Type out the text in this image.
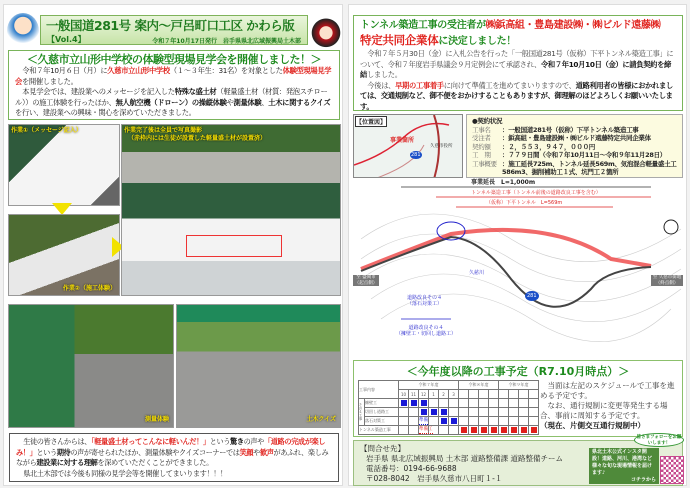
一般国道281号 案内～戸呂町口工区 かわら版
【Vol.4】	令和７年10月17日発行　岩手県県北広域振興局土木部
＜久慈市立山形中学校の体験型現場見学会を開催しました！＞

令和７年10月６日（月）に久慈市立山形中学校（１～３年生：31名）を対象とした体験型現場見学会を開催しました。

本見学会では、建設業へのメッセージを記入した特殊な盛土材（軽量盛土材（材質：発泡スチロール））の施工体験を行ったほか、無人航空機（ドローン）の操縦体験や測量体験、土木に関するクイズを行い、建設業への興味・関心を深めていただきました。

作業①（メッセージ記入）
作業②（施工体験）
作業完了後は全員で写真撮影
（赤枠内には生徒が設置した軽量盛土材が設置済）
測量体験	土木クイズ

生徒の皆さんからは、「軽量盛土材ってこんなに軽いんだ！」という驚きの声や「道路の完成が楽しみ！」という期待の声が寄せられたほか、測量体験やクイズコーナーでは笑顔や歓声があふれ、楽しみながら建設業に対する理解を深めていただくことができました。

県北土木部では今後も同様の見学会等を開催してまいります！！！

トンネル築造工事の受注者が㈱鋲高組・豊島建設㈱・㈱ビルド遠藤㈱
特定共同企業体に決定しました！

令和７年５月30日（金）に入札公告を行った「一般国道281号（仮称）下平トンネル築造工事」について、令和７年度岩手県議会９月定例会にて承認され、令和７年10月10日（金）に請負契約を締結しました。

今後は、早期の工事着手に向けて準備工を進めてまいりますので、道路利用者の皆様におかれましては、交通規制など、御不便をおかけすることもありますが、御理解のほどよろしくお願いいたします。

【位置図】
事業箇所
281
久慈市役所
●契約状況
工事名	：一般国道281号（仮称）下平トンネル築造工事
受注者	：鋲高組・豊島建設㈱・㈱ビルド遠藤特定共同企業体
契約額	：２，５５３，９４７，０００円
工　期	：７７９日間（令和７年10月11日～令和９年11月28日）
工事概要 ：施工延長725m、トンネル延長569m、気泡混合軽量盛土工586m3、掘削補助工１式、坑門工２箇所
事業延長　L=1,000m
トンネル築造工事（トンネル前後の道路改良工事を含む）
（仮称）下平トンネル　L=569m
至 盛岡市（起点側）
至 久慈市街地（終点側）
久慈川
281
道路改良その４
（落石対策工）
道路改良その４
（擁壁工・切回し道路工）
＜今年度以降の工事予定（R7.10月時点）＞
工事内容		令和７年度						令和８年度				令和９年度			
		10	11	12	1	2	3								
その４工事	擁壁工														
	切回し道路工														
	落石対策工			準備											

トンネル築造工事				準備工											

当面は左記のスケジュールで工事を進める予定です。

なお、通行規制に変更等発生する場合、事前に周知する予定です。

（現在、片側交互通行規制中）

【問合せ先】
岩手県 県北広域振興局 土木部 道路整備課 道路整備チーム
電話番号：0194-66-9688
〒028-8042　岩手県久慈市八日町１-１
県北土木公式インスタ開設！道路、河川、港湾など様々な旬な現場情報を届けます♪
コチラから
皆さまフォローをお願いします！
